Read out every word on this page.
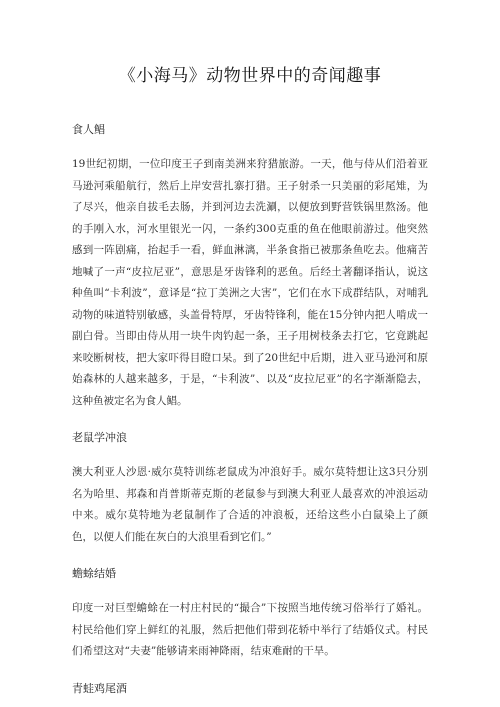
《小海马》动物世界中的奇闻趣事
食人鲳

19世纪初期，一位印度王子到南美洲来狩猎旅游。一天，他与侍从们沿着亚马逊河乘船航行，然后上岸安营扎寨打猎。王子射杀一只美丽的彩尾雉，为了尽兴，他亲自拔毛去肠，并到河边去洗涮，以便放到野营铁锅里熬汤。他的手刚入水，河水里银光一闪，一条约300克重的鱼在他眼前游过。他突然感到一阵剧痛，抬起手一看，鲜血淋漓，半条食指已被那条鱼吃去。他痛苦地喊了一声“皮拉尼亚”，意思是牙齿锋利的恶鱼。后经土著翻译指认，说这种鱼叫“卡利波”，意译是“拉丁美洲之大害”，它们在水下成群结队，对哺乳动物的味道特别敏感，头盖骨特厚，牙齿特锋利，能在15分钟内把人啃成一副白骨。当即由侍从用一块牛肉钓起一条，王子用树枝条去打它，它竟跳起来咬断树枝，把大家吓得目瞪口呆。到了20世纪中后期，进入亚马逊河和原始森林的人越来越多，于是，“卡利波”、以及“皮拉尼亚”的名字渐渐隐去，这种鱼被定名为食人鲳。

老鼠学冲浪

澳大利亚人沙恩·威尔莫特训练老鼠成为冲浪好手。威尔莫特想让这3只分别名为哈里、邦森和肖普斯蒂克斯的老鼠参与到澳大利亚人最喜欢的冲浪运动中来。威尔莫特地为老鼠制作了合适的冲浪板，还给这些小白鼠染上了颜色，以便人们能在灰白的大浪里看到它们。”

蟾蜍结婚

印度一对巨型蟾蜍在一村庄村民的“撮合”下按照当地传统习俗举行了婚礼。村民给他们穿上鲜红的礼服，然后把他们带到花轿中举行了结婚仪式。村民们希望这对“夫妻”能够请来雨神降雨，结束难耐的干旱。

青蛙鸡尾酒
